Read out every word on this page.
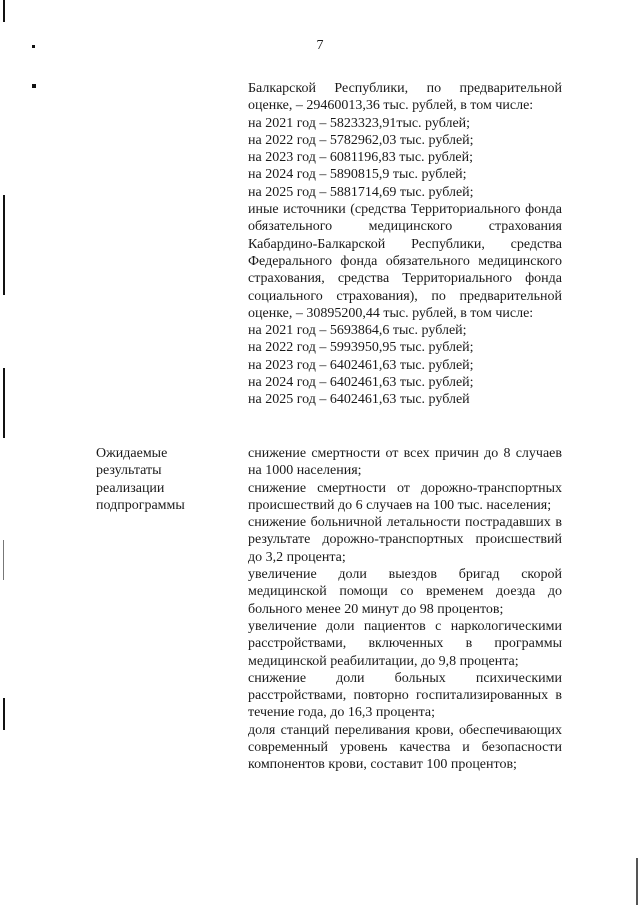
7

Балкарской Республики, по предварительной оценке, – 29460013,36 тыс. рублей, в том числе:

на 2021 год – 5823323,91тыс. рублей;
на 2022 год – 5782962,03 тыс. рублей;
на 2023 год – 6081196,83 тыс. рублей;
на 2024 год – 5890815,9 тыс. рублей;
на 2025 год – 5881714,69 тыс. рублей;

иные источники (средства Территориального фонда обязательного медицинского страхования Кабардино-Балкарской Республики, средства Федерального фонда обязательного медицинского страхования, средства Территориального фонда социального страхования), по предварительной оценке, – 30895200,44 тыс. рублей, в том числе:

на 2021 год – 5693864,6 тыс. рублей;
на 2022 год – 5993950,95 тыс. рублей;
на 2023 год – 6402461,63 тыс. рублей;
на 2024 год – 6402461,63 тыс. рублей;
на 2025 год – 6402461,63 тыс. рублей
Ожидаемые
результаты
реализации
подпрограммы

снижение смертности от всех причин до 8 случаев на 1000 населения;

снижение смертности от дорожно-транспортных происшествий до 6 случаев на 100 тыс. населения;

снижение больничной летальности пострадавших в результате дорожно-транспортных происшествий до 3,2 процента;

увеличение доли выездов бригад скорой медицинской помощи со временем доезда до больного менее 20 минут до 98 процентов;

увеличение доли пациентов с наркологическими расстройствами, включенных в программы медицинской реабилитации, до 9,8 процента;

снижение доли больных психическими расстройствами, повторно госпитализированных в течение года, до 16,3 процента;

доля станций переливания крови, обеспечивающих современный уровень качества и безопасности компонентов крови, составит 100 процентов;
